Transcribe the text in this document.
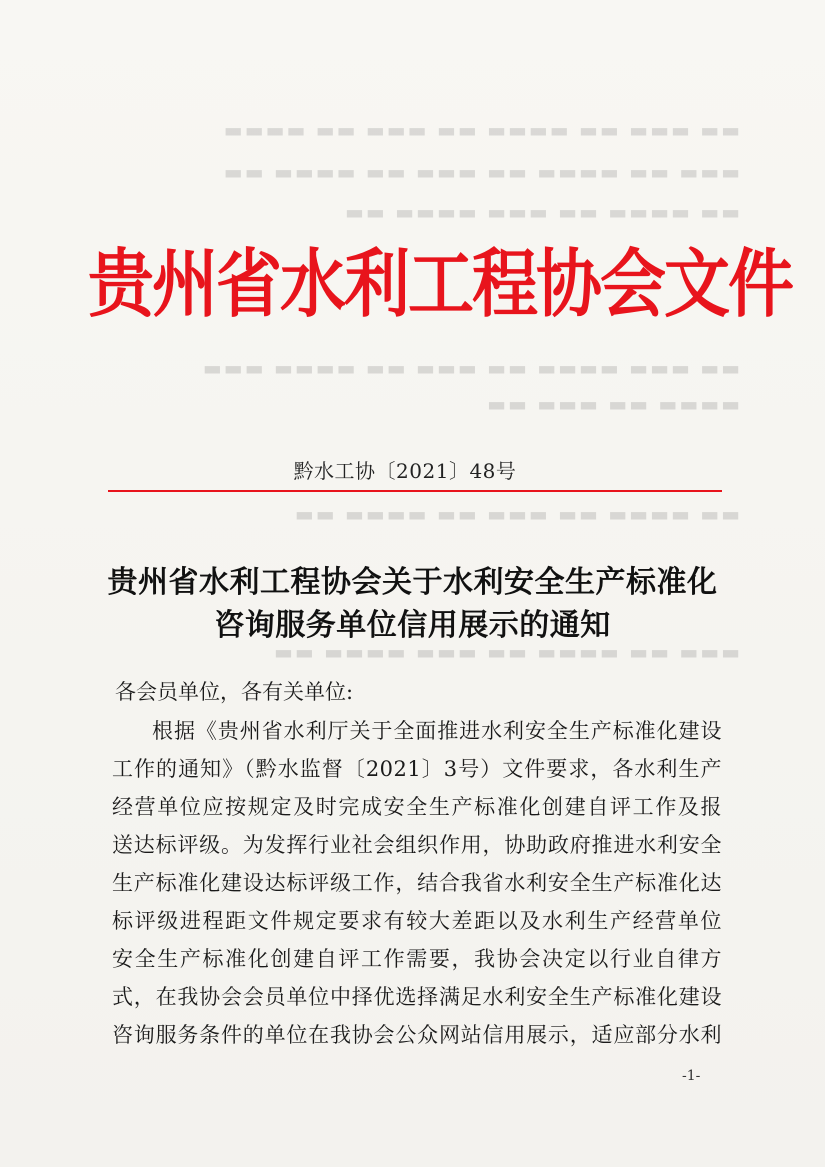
▬▬ ▬▬▬ ▬▬ ▬▬▬▬ ▬▬ ▬▬▬ ▬▬ ▬▬▬▬
▬▬▬ ▬▬ ▬▬▬▬ ▬▬ ▬▬▬ ▬▬ ▬▬▬▬ ▬▬
▬▬ ▬▬▬▬ ▬▬ ▬▬▬ ▬▬▬▬ ▬▬
▬▬ ▬▬▬ ▬▬▬▬ ▬▬ ▬▬▬ ▬▬ ▬▬▬▬ ▬▬▬
▬▬▬▬ ▬▬ ▬▬▬ ▬▬
▬▬ ▬▬▬▬ ▬▬ ▬▬▬ ▬▬ ▬▬▬▬ ▬▬
▬▬▬ ▬▬ ▬▬▬▬ ▬▬ ▬▬▬ ▬▬▬▬ ▬▬
贵州省水利工程协会文件
黔水工协〔2021〕48号
贵州省水利工程协会关于水利安全生产标准化
咨询服务单位信用展示的通知
各会员单位，各有关单位:
根据《贵州省水利厅关于全面推进水利安全生产标准化建设
工作的通知》（黔水监督〔2021〕3号）文件要求，各水利生产
经营单位应按规定及时完成安全生产标准化创建自评工作及报
送达标评级。为发挥行业社会组织作用，协助政府推进水利安全
生产标准化建设达标评级工作，结合我省水利安全生产标准化达
标评级进程距文件规定要求有较大差距以及水利生产经营单位
安全生产标准化创建自评工作需要，我协会决定以行业自律方
式，在我协会会员单位中择优选择满足水利安全生产标准化建设
咨询服务条件的单位在我协会公众网站信用展示，适应部分水利
-1-
